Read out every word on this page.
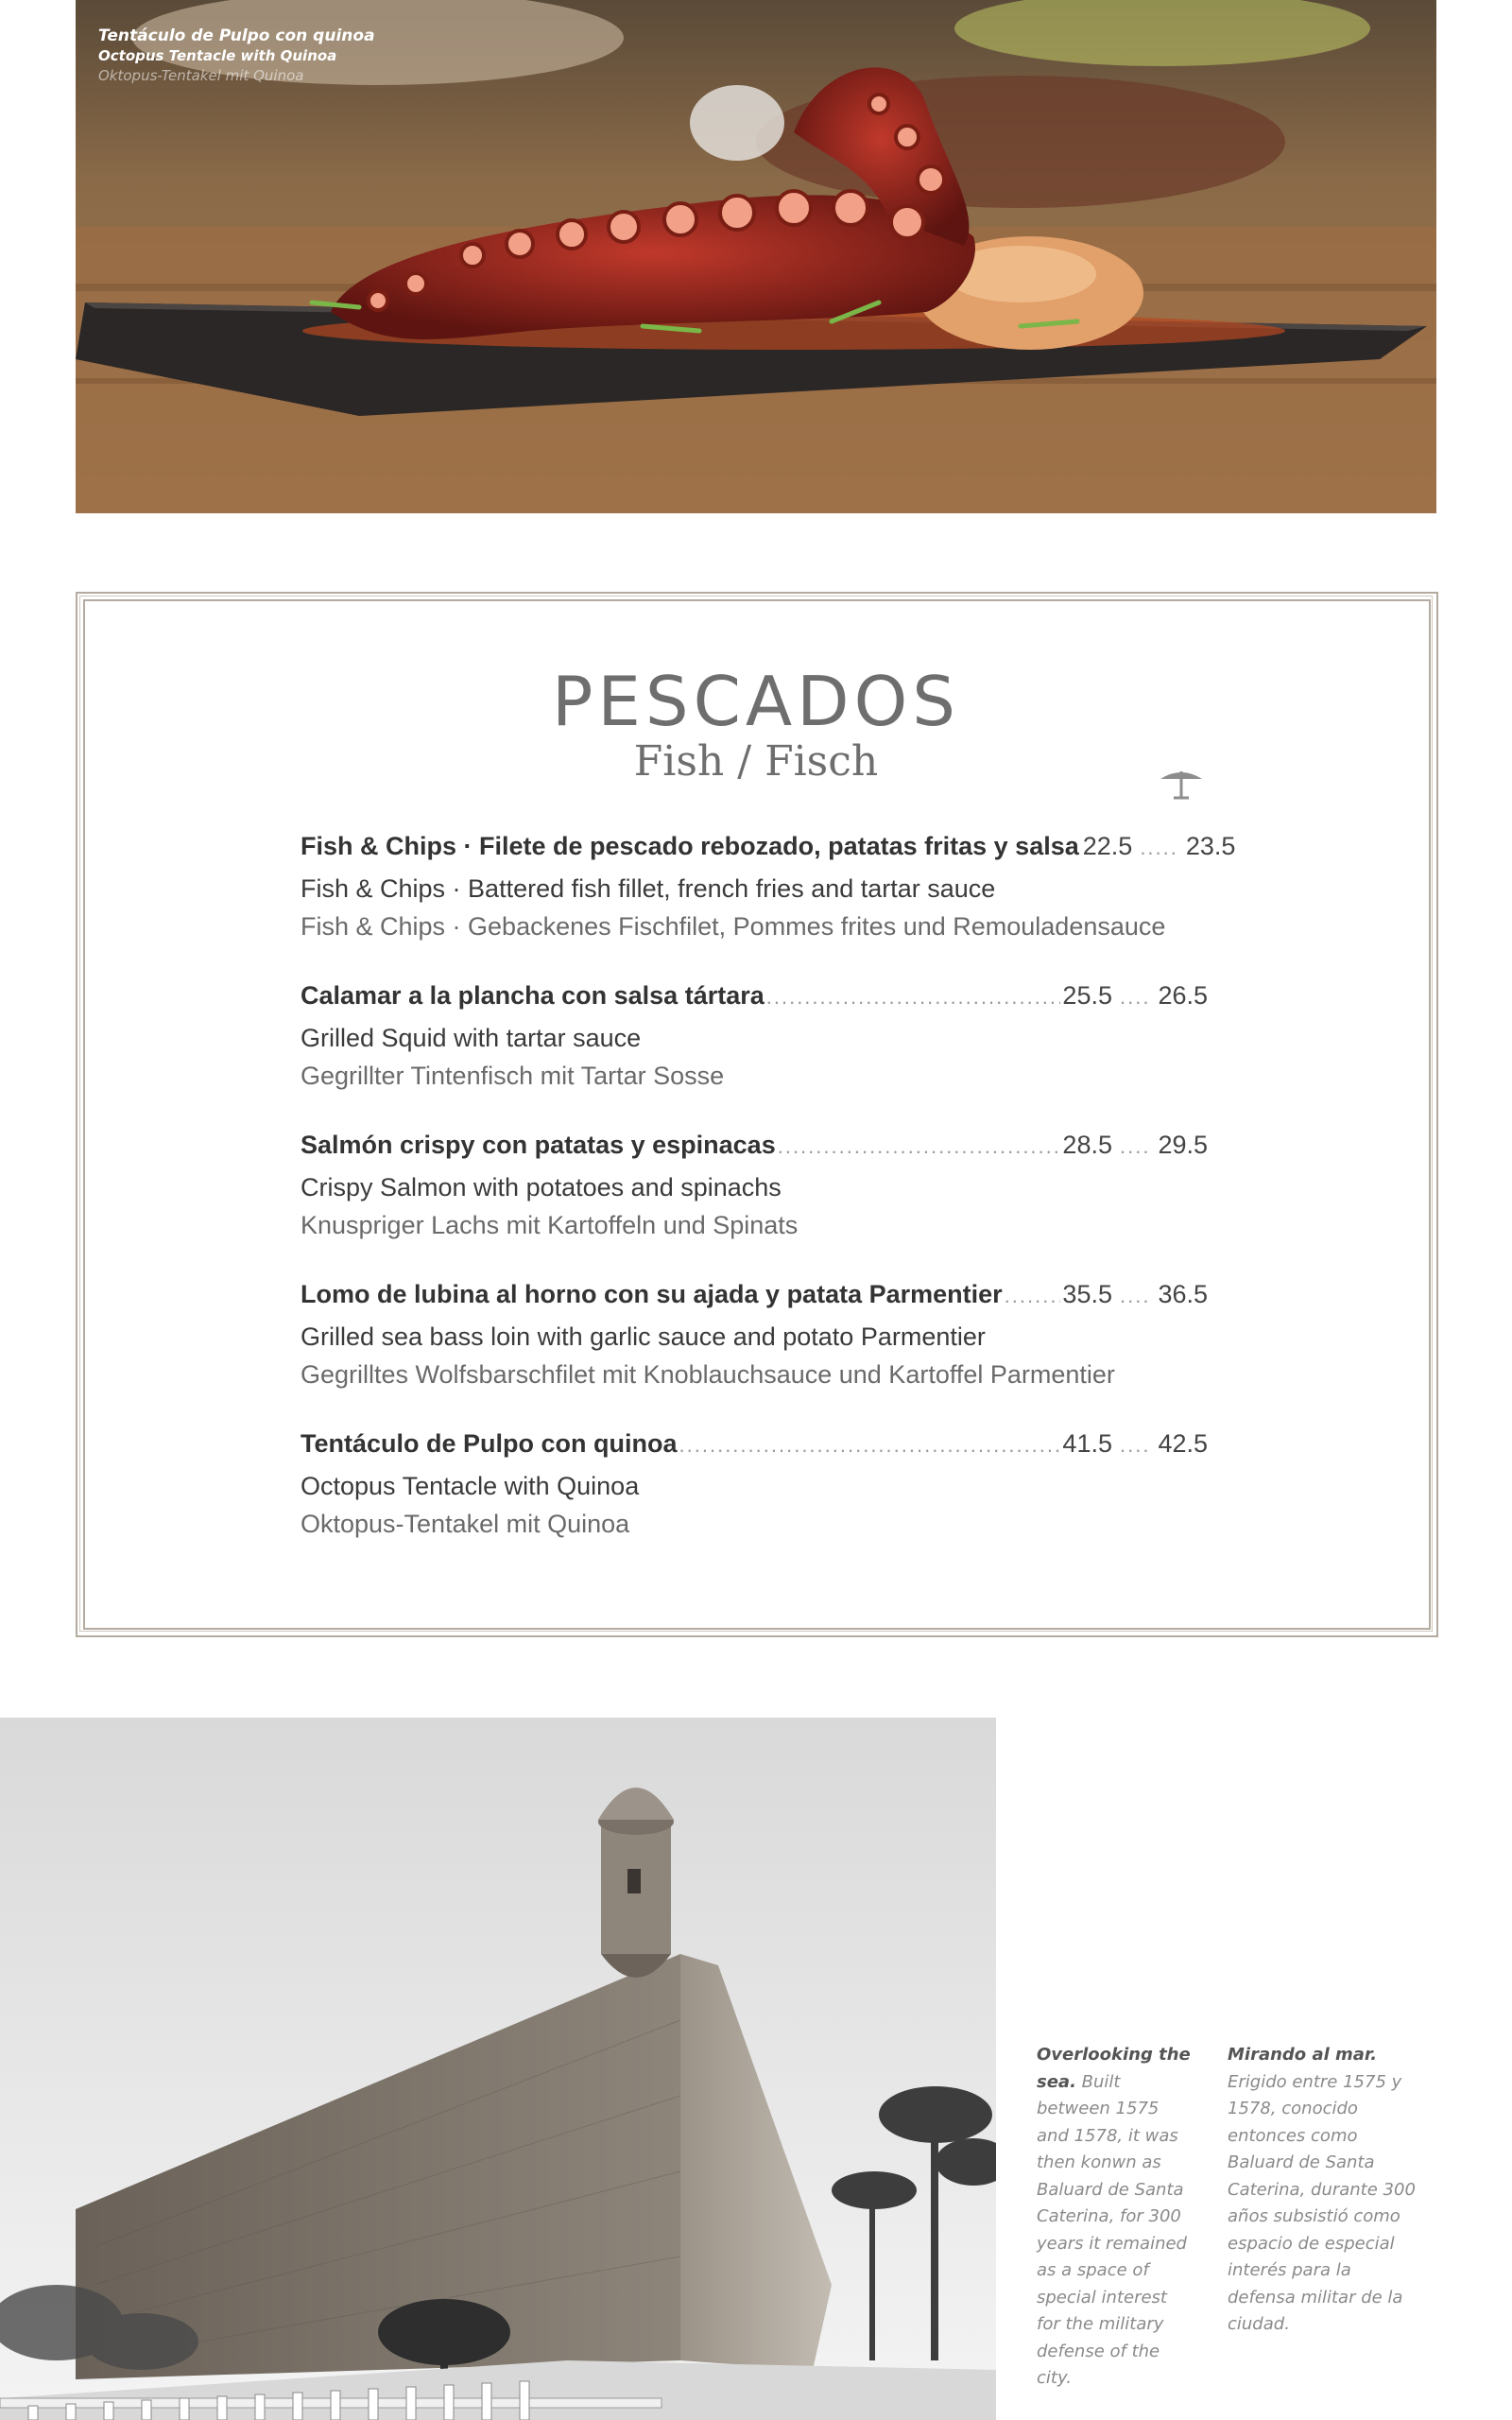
Tentáculo de Pulpo con quinoa
Octopus Tentacle with Quinoa
Oktopus-Tentakel mit Quinoa
PESCADOS
Fish / Fisch
Fish & Chips · Filete de pescado rebozado, patatas fritas y salsa 22.5 ..... 23.5
Fish & Chips · Battered fish fillet, french fries and tartar sauce
Fish & Chips · Gebackenes Fischfilet, Pommes frites und Remouladensauce
Calamar a la plancha con salsa tártara .....	25.5 .... 26.5
Grilled Squid with tartar sauce
Gegrillter Tintenfisch mit Tartar Sosse
Salmón crispy con patatas y espinacas .....	28.5 .... 29.5
Crispy Salmon with potatoes and spinachs
Knuspriger Lachs mit Kartoffeln und Spinats
Lomo de lubina al horno con su ajada y patata Parmentier ..... 35.5 .... 36.5
Grilled sea bass loin with garlic sauce and potato Parmentier
Gegrilltes Wolfsbarschfilet mit Knoblauchsauce und Kartoffel Parmentier
Tentáculo de Pulpo con quinoa .....	41.5 .... 42.5
Octopus Tentacle with Quinoa
Oktopus-Tentakel mit Quinoa
Overlooking the sea. Built between 1575 and 1578, it was then konwn as Baluard de Santa Caterina, for 300 years it remained as a space of special interest for the military defense of the city.
Mirando al mar. Erigido entre 1575 y 1578, conocido entonces como Baluard de Santa Caterina, durante 300 años subsistió como espacio de especial interés para la defensa militar de la ciudad.
